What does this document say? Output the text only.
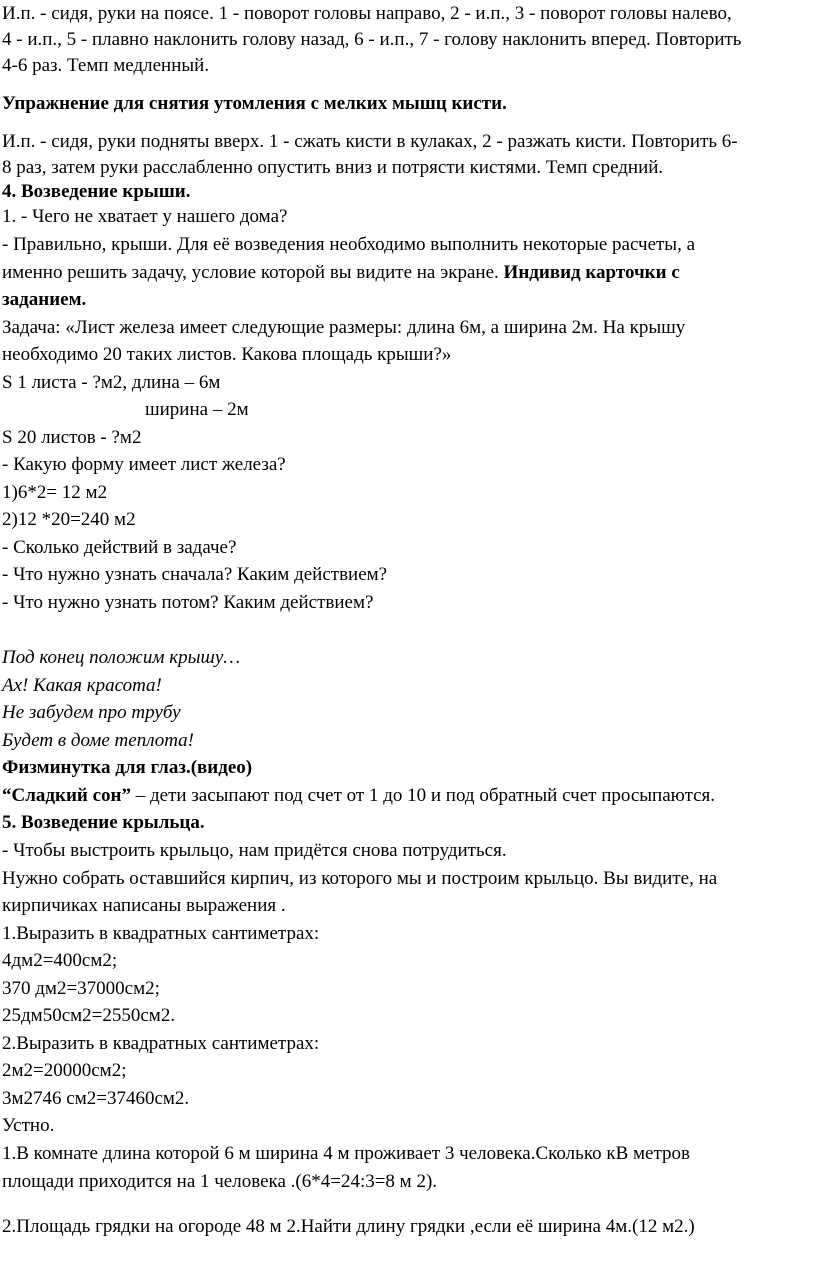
И.п. - сидя, руки на поясе. 1 - поворот головы направо, 2 - и.п., 3 - поворот головы налево,
4 - и.п., 5 - плавно наклонить голову назад, 6 - и.п., 7 - голову наклонить вперед. Повторить
4-6 раз. Темп медленный.
Упражнение для снятия утомления с мелких мышц кисти.
И.п. - сидя, руки подняты вверх. 1 - сжать кисти в кулаках, 2 - разжать кисти. Повторить 6-
8 раз, затем руки расслабленно опустить вниз и потрясти кистями. Темп средний.
4. Возведение крыши.
1. - Чего не хватает у нашего дома?
- Правильно, крыши. Для её возведения необходимо выполнить некоторые расчеты, а
именно решить задачу, условие которой вы видите на экране. Индивид карточки с
заданием.
Задача: «Лист железа имеет следующие размеры: длина 6м, а ширина 2м. На крышу
необходимо 20 таких листов. Какова площадь крыши?»
S 1 листа - ?м2, длина – 6м
ширина – 2м
S 20 листов - ?м2
- Какую форму имеет лист железа?
1)6*2= 12 м2
2)12 *20=240 м2
- Сколько действий в задаче?
- Что нужно узнать сначала? Каким действием?
- Что нужно узнать потом? Каким действием?
Под конец положим крышу…
Ах! Какая красота!
Не забудем про трубу
Будет в доме теплота!
Физминутка для глаз.(видео)
“Сладкий сон” – дети засыпают под счет от 1 до 10 и под обратный счет просыпаются.
5. Возведение крыльца.
- Чтобы выстроить крыльцо, нам придётся снова потрудиться.
Нужно собрать оставшийся кирпич, из которого мы и построим крыльцо. Вы видите, на
кирпичиках написаны выражения .
1.Выразить в квадратных сантиметрах:
4дм2=400см2;
370 дм2=37000см2;
25дм50см2=2550см2.
2.Выразить в квадратных сантиметрах:
2м2=20000см2;
3м2746 см2=37460см2.
Устно.
1.В комнате длина которой 6 м ширина 4 м проживает 3 человека.Сколько кВ метров
площади приходится на 1 человека .(6*4=24:3=8 м 2).
2.Площадь грядки на огороде 48 м 2.Найти длину грядки ,если её ширина 4м.(12 м2.)
